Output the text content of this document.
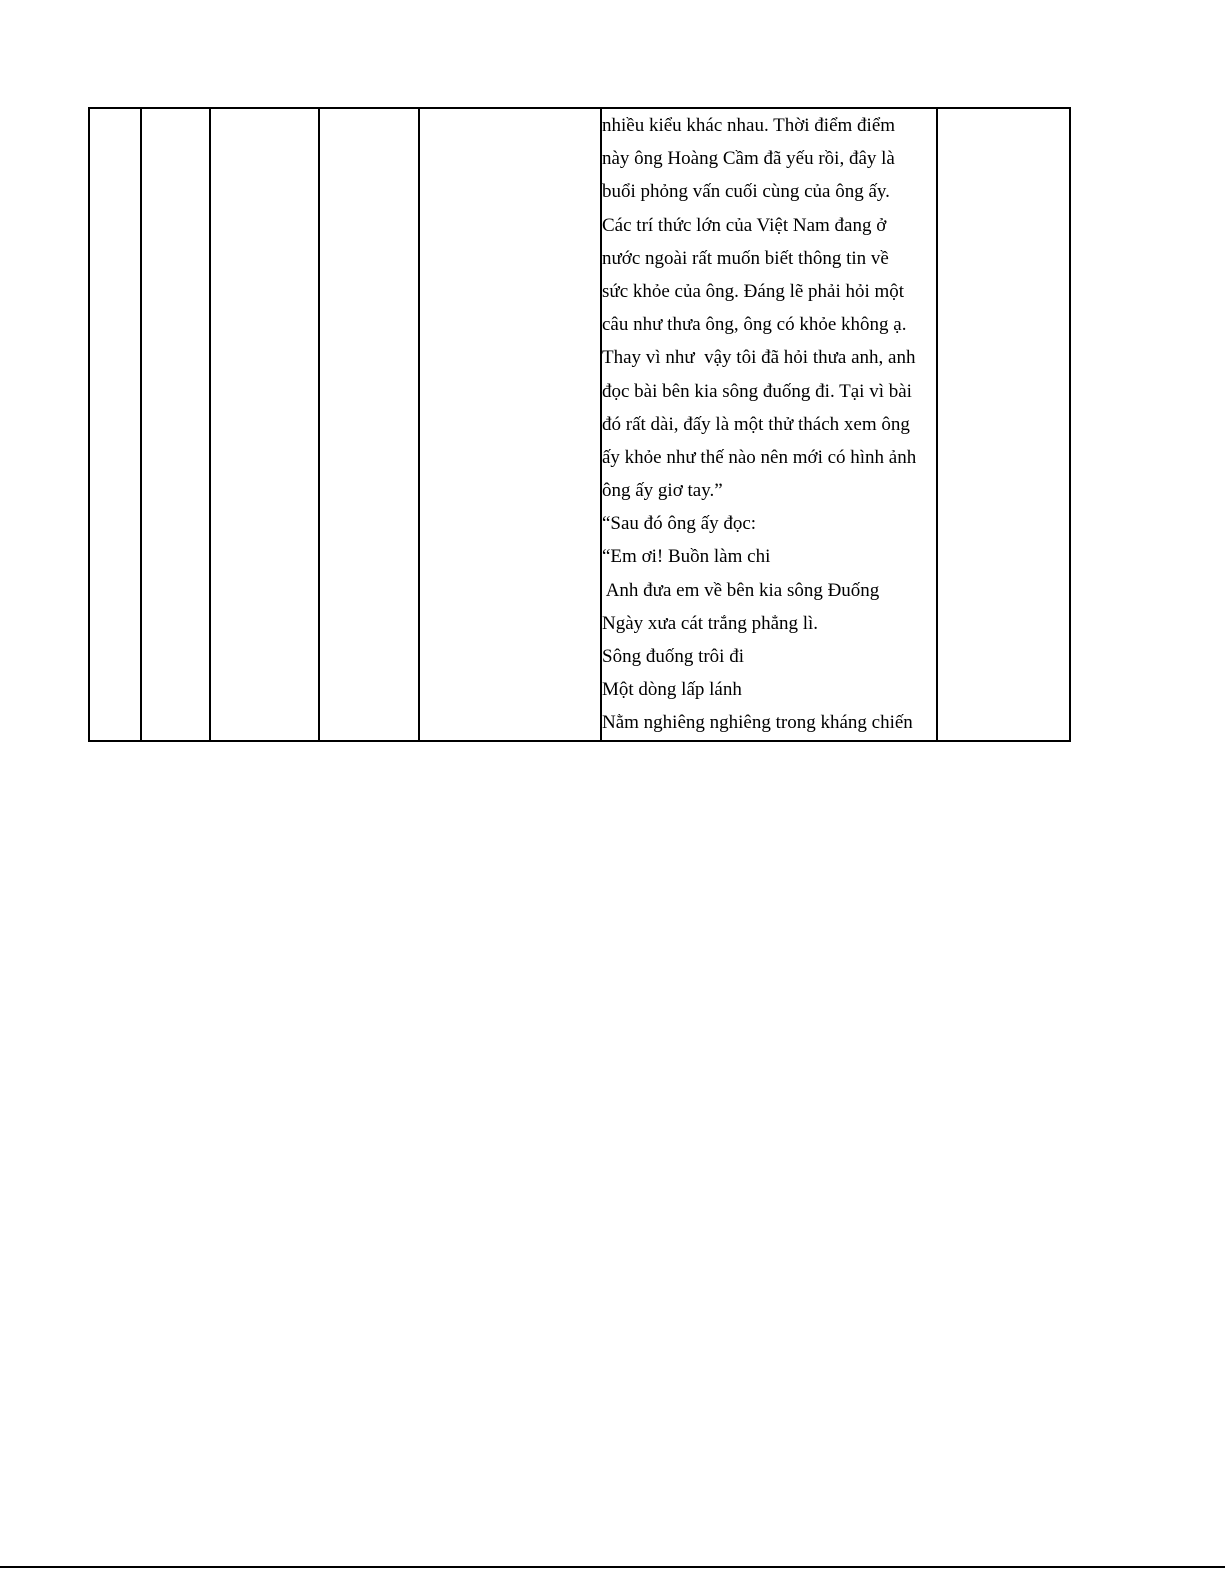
nhiều kiểu khác nhau. Thời điểm điểm
này ông Hoàng Cầm đã yếu rồi, đây là
buổi phỏng vấn cuối cùng của ông ấy.
Các trí thức lớn của Việt Nam đang ở
nước ngoài rất muốn biết thông tin về
sức khỏe của ông. Đáng lẽ phải hỏi một
câu như thưa ông, ông có khỏe không ạ.
Thay vì như  vậy tôi đã hỏi thưa anh, anh
đọc bài bên kia sông đuống đi. Tại vì bài
đó rất dài, đấy là một thử thách xem ông
ấy khỏe như thế nào nên mới có hình ảnh
ông ấy giơ tay.”
“Sau đó ông ấy đọc:
“Em ơi! Buồn làm chi
Anh đưa em về bên kia sông Đuống
Ngày xưa cát trắng phẳng lì.
Sông đuống trôi đi
Một dòng lấp lánh
Nằm nghiêng nghiêng trong kháng chiến
